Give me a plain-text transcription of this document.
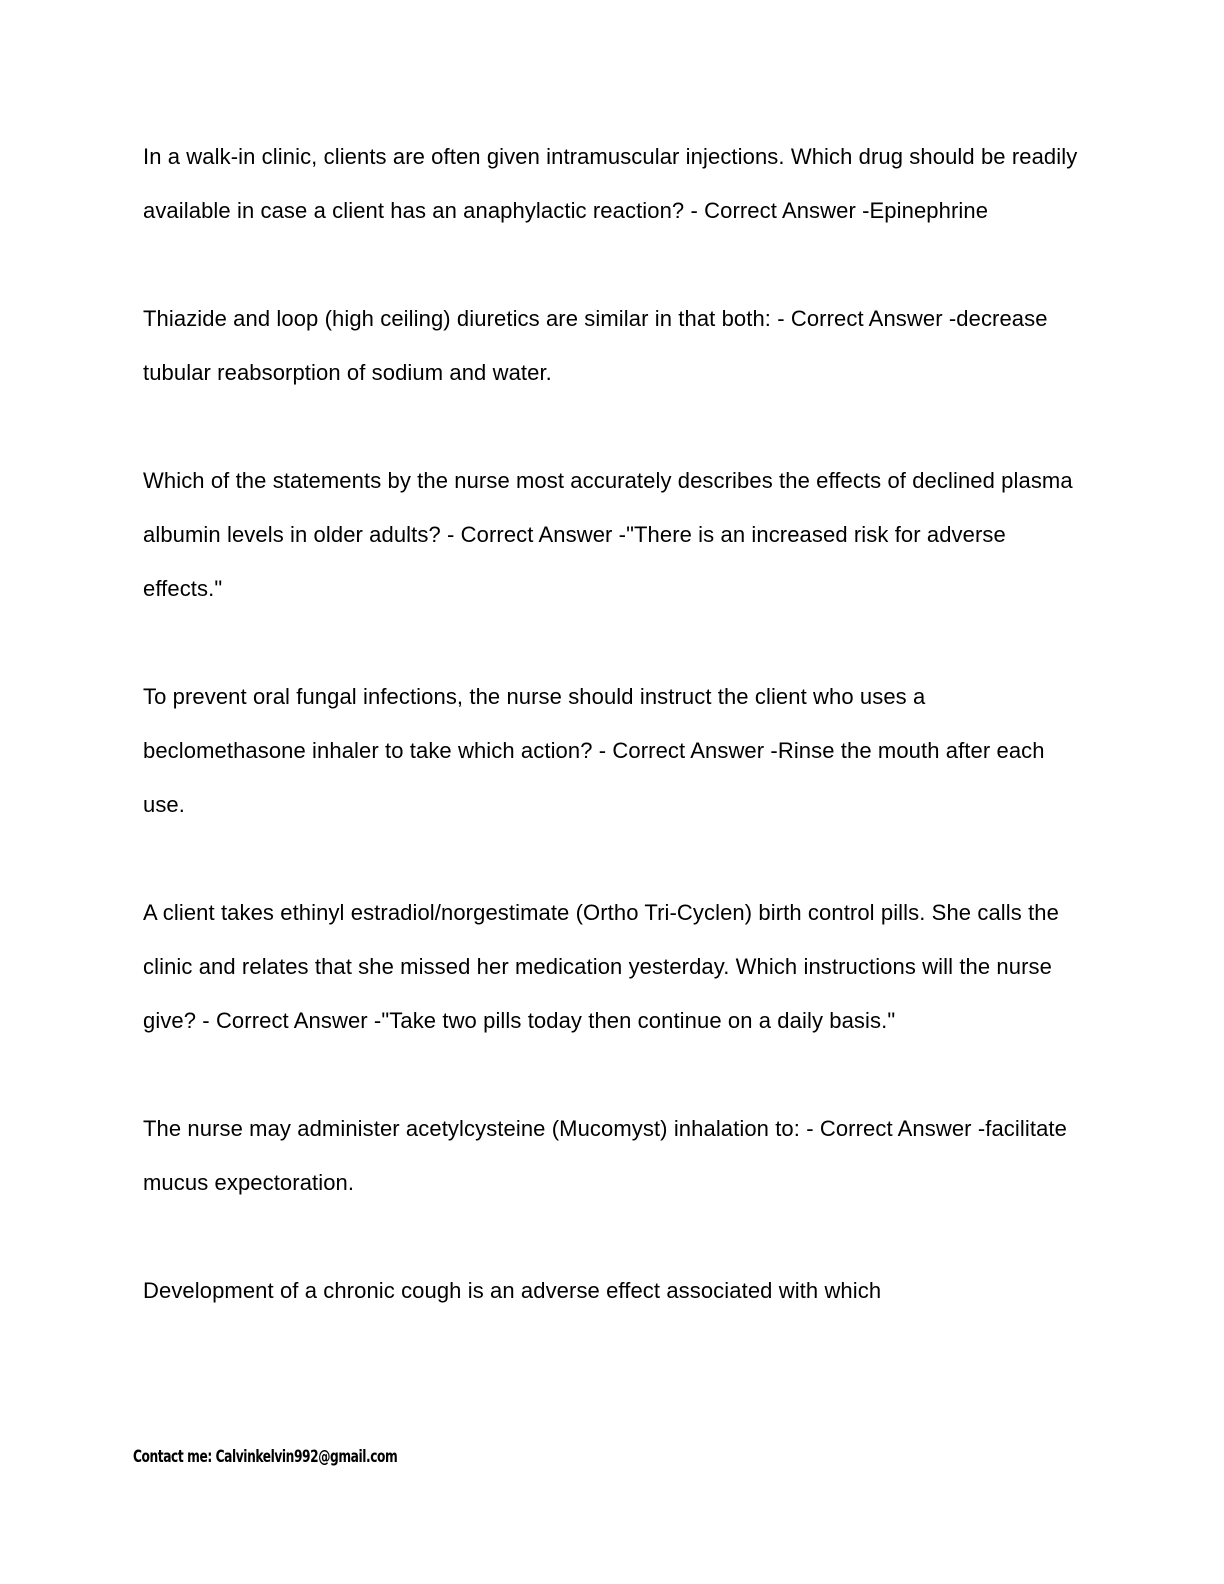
In a walk-in clinic, clients are often given intramuscular injections. Which drug should be readily available in case a client has an anaphylactic reaction? - Correct Answer -Epinephrine

Thiazide and loop (high ceiling) diuretics are similar in that both: - Correct Answer -decrease tubular reabsorption of sodium and water.

Which of the statements by the nurse most accurately describes the effects of declined plasma albumin levels in older adults? - Correct Answer -"There is an increased risk for adverse effects."

To prevent oral fungal infections, the nurse should instruct the client who uses a beclomethasone inhaler to take which action? - Correct Answer -Rinse the mouth after each use.

A client takes ethinyl estradiol/norgestimate (Ortho Tri-Cyclen) birth control pills. She calls the clinic and relates that she missed her medication yesterday. Which instructions will the nurse give? - Correct Answer -"Take two pills today then continue on a daily basis."

The nurse may administer acetylcysteine (Mucomyst) inhalation to: - Correct Answer -facilitate mucus expectoration.

Development of a chronic cough is an adverse effect associated with which

Contact me: Calvinkelvin992@gmail.com
